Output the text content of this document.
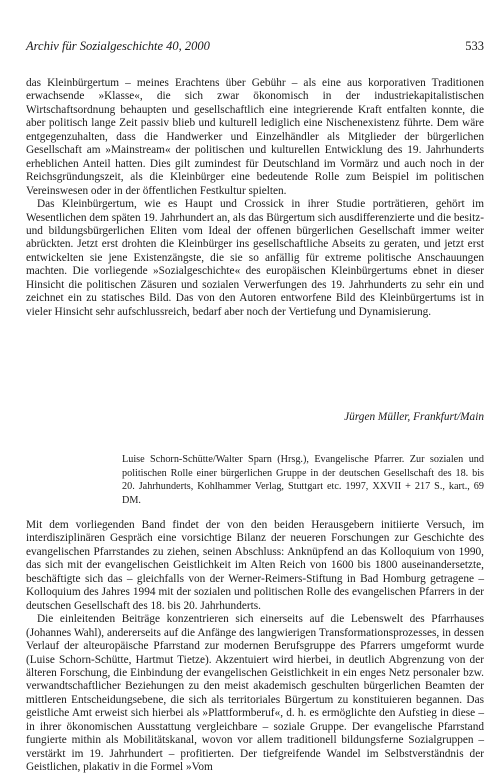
Archiv für Sozialgeschichte 40, 2000	533

das Kleinbürgertum – meines Erachtens über Gebühr – als eine aus korporativen Traditionen erwachsende »Klasse«, die sich zwar ökonomisch in der industriekapitalistischen Wirtschaftsordnung behaupten und gesellschaftlich eine integrierende Kraft entfalten konnte, die aber politisch lange Zeit passiv blieb und kulturell lediglich eine Nischenexistenz führte. Dem wäre entgegenzuhalten, dass die Handwerker und Einzelhändler als Mitglieder der bürgerlichen Gesellschaft am »Mainstream« der politischen und kulturellen Entwicklung des 19. Jahrhunderts erheblichen Anteil hatten. Dies gilt zumindest für Deutschland im Vormärz und auch noch in der Reichsgründungszeit, als die Kleinbürger eine bedeutende Rolle zum Beispiel im politischen Vereinswesen oder in der öffentlichen Festkultur spielten.

Das Kleinbürgertum, wie es Haupt und Crossick in ihrer Studie porträtieren, gehört im Wesentlichen dem späten 19. Jahrhundert an, als das Bürgertum sich ausdifferenzierte und die besitz- und bildungsbürgerlichen Eliten vom Ideal der offenen bürgerlichen Gesellschaft immer weiter abrückten. Jetzt erst drohten die Kleinbürger ins gesellschaftliche Abseits zu geraten, und jetzt erst entwickelten sie jene Existenzängste, die sie so anfällig für extreme politische Anschauungen machten. Die vorliegende »Sozialgeschichte« des europäischen Kleinbürgertums ebnet in dieser Hinsicht die politischen Zäsuren und sozialen Verwerfungen des 19. Jahrhunderts zu sehr ein und zeichnet ein zu statisches Bild. Das von den Autoren entworfene Bild des Kleinbürgertums ist in vieler Hinsicht sehr aufschlussreich, bedarf aber noch der Vertiefung und Dynamisierung.

Jürgen Müller, Frankfurt/Main
Luise Schorn-Schütte/Walter Sparn (Hrsg.), Evangelische Pfarrer. Zur sozialen und politischen Rolle einer bürgerlichen Gruppe in der deutschen Gesellschaft des 18. bis 20. Jahrhunderts, Kohlhammer Verlag, Stuttgart etc. 1997, XXVII + 217 S., kart., 69 DM.

Mit dem vorliegenden Band findet der von den beiden Herausgebern initiierte Versuch, im interdisziplinären Gespräch eine vorsichtige Bilanz der neueren Forschungen zur Geschichte des evangelischen Pfarrstandes zu ziehen, seinen Abschluss: Anknüpfend an das Kolloquium von 1990, das sich mit der evangelischen Geistlichkeit im Alten Reich von 1600 bis 1800 auseinandersetzte, beschäftigte sich das – gleichfalls von der Werner-Reimers-Stiftung in Bad Homburg getragene – Kolloquium des Jahres 1994 mit der sozialen und politischen Rolle des evangelischen Pfarrers in der deutschen Gesellschaft des 18. bis 20. Jahrhunderts.

Die einleitenden Beiträge konzentrieren sich einerseits auf die Lebenswelt des Pfarrhauses (Johannes Wahl), andererseits auf die Anfänge des langwierigen Transformationsprozesses, in dessen Verlauf der alteuropäische Pfarrstand zur modernen Berufsgruppe des Pfarrers umgeformt wurde (Luise Schorn-Schütte, Hartmut Tietze). Akzentuiert wird hierbei, in deutlich Abgrenzung von der älteren Forschung, die Einbindung der evangelischen Geistlichkeit in ein enges Netz personaler bzw. verwandtschaftlicher Beziehungen zu den meist akademisch geschulten bürgerlichen Beamten der mittleren Entscheidungsebene, die sich als territoriales Bürgertum zu konstituieren begannen. Das geistliche Amt erweist sich hierbei als »Plattformberuf«, d. h. es ermöglichte den Aufstieg in diese – in ihrer ökonomischen Ausstattung vergleichbare – soziale Gruppe. Der evangelische Pfarrstand fungierte mithin als Mobilitätskanal, wovon vor allem traditionell bildungsferne Sozialgruppen – verstärkt im 19. Jahrhundert – profitierten. Der tiefgreifende Wandel im Selbstverständnis der Geistlichen, plakativ in die Formel »Vom
